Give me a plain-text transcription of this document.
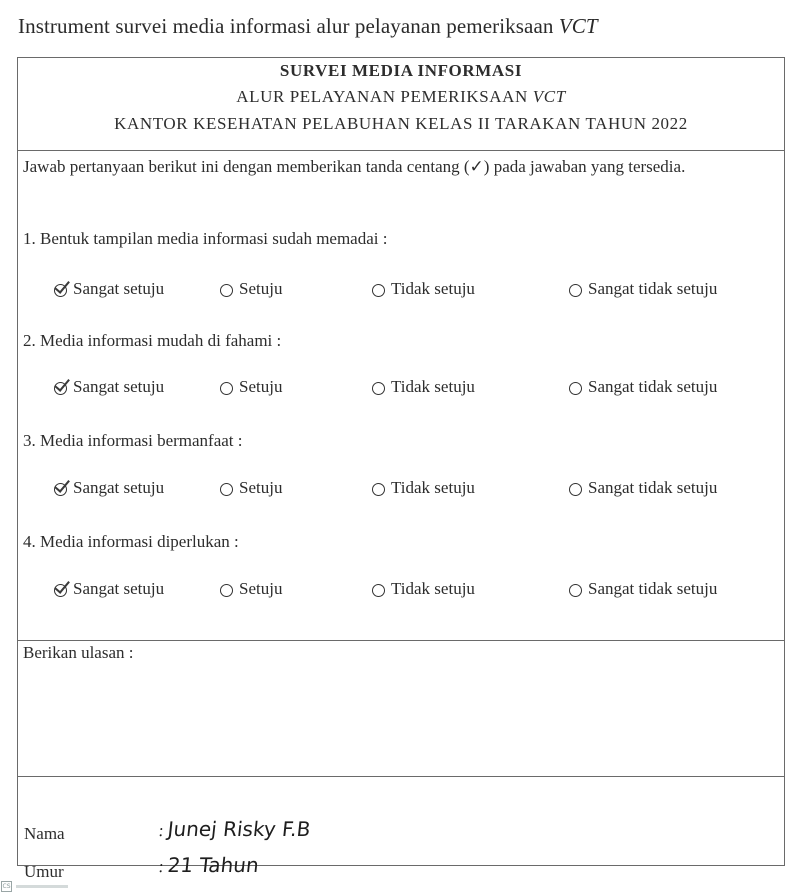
Instrument survei media informasi alur pelayanan pemeriksaan VCT
SURVEI MEDIA INFORMASI
ALUR PELAYANAN PEMERIKSAAN VCT
KANTOR KESEHATAN PELABUHAN KELAS II TARAKAN TAHUN 2022
Jawab pertanyaan berikut ini dengan memberikan tanda centang (✓) pada jawaban yang tersedia.
1. Bentuk tampilan media informasi sudah memadai :
Sangat setuju	Setuju	Tidak setuju	Sangat tidak setuju
2. Media informasi mudah di fahami :
Sangat setuju	Setuju	Tidak setuju	Sangat tidak setuju
3. Media informasi bermanfaat :
Sangat setuju	Setuju	Tidak setuju	Sangat tidak setuju
4. Media informasi diperlukan :
Sangat setuju	Setuju	Tidak setuju	Sangat tidak setuju
Berikan ulasan :
Nama	:Junej Risky F.B
Umur	:21 Tahun
CS
